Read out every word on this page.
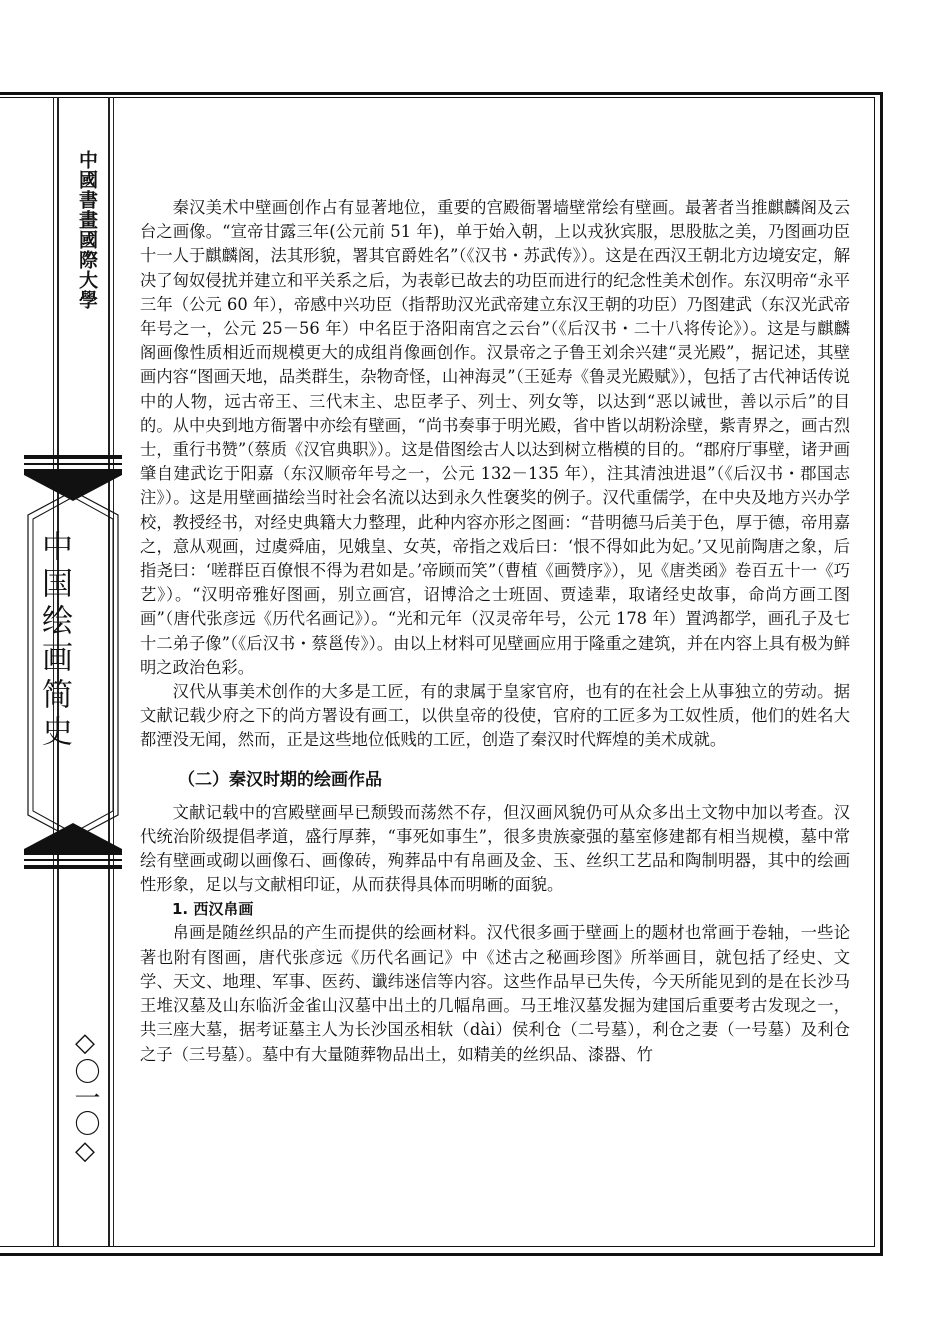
中國書畫國際大學
中国绘画简史
◇〇一〇◇

秦汉美术中壁画创作占有显著地位，重要的宫殿衙署墙壁常绘有壁画。最著者当推麒麟阁及云台之画像。“宣帝甘露三年(公元前 51 年)，单于始入朝，上以戎狄宾服，思股肱之美，乃图画功臣十一人于麒麟阁，法其形貌，署其官爵姓名”（《汉书・苏武传》）。这是在西汉王朝北方边境安定，解决了匈奴侵扰并建立和平关系之后，为表彰已故去的功臣而进行的纪念性美术创作。东汉明帝“永平三年（公元 60 年），帝感中兴功臣（指帮助汉光武帝建立东汉王朝的功臣）乃图建武（东汉光武帝年号之一，公元 25－56 年）中名臣于洛阳南宫之云台”（《后汉书・二十八将传论》）。这是与麒麟阁画像性质相近而规模更大的成组肖像画创作。汉景帝之子鲁王刘余兴建“灵光殿”，据记述，其壁画内容“图画天地，品类群生，杂物奇怪，山神海灵”（王延寿《鲁灵光殿赋》），包括了古代神话传说中的人物，远古帝王、三代末主、忠臣孝子、列士、列女等，以达到“恶以诫世，善以示后”的目的。从中央到地方衙署中亦绘有壁画，“尚书奏事于明光殿，省中皆以胡粉涂壁，紫青界之，画古烈士，重行书赞”（蔡质《汉官典职》）。这是借图绘古人以达到树立楷模的目的。“郡府厅事壁，诸尹画肇自建武讫于阳嘉（东汉顺帝年号之一，公元 132－135 年），注其清浊进退”（《后汉书・郡国志注》）。这是用壁画描绘当时社会名流以达到永久性褒奖的例子。汉代重儒学，在中央及地方兴办学校，教授经书，对经史典籍大力整理，此种内容亦形之图画：“昔明德马后美于色，厚于德，帝用嘉之，意从观画，过虞舜庙，见娥皇、女英，帝指之戏后曰：‘恨不得如此为妃。’又见前陶唐之象，后指尧曰：‘嗟群臣百僚恨不得为君如是。’帝顾而笑”（曹植《画赞序》），见《唐类函》卷百五十一《巧艺》）。“汉明帝雅好图画，别立画宫，诏博洽之士班固、贾逵辈，取诸经史故事，命尚方画工图画”（唐代张彦远《历代名画记》）。“光和元年（汉灵帝年号，公元 178 年）置鸿都学，画孔子及七十二弟子像”（《后汉书・蔡邕传》）。由以上材料可见壁画应用于隆重之建筑，并在内容上具有极为鲜明之政治色彩。

汉代从事美术创作的大多是工匠，有的隶属于皇家官府，也有的在社会上从事独立的劳动。据文献记载少府之下的尚方署设有画工，以供皇帝的役使，官府的工匠多为工奴性质，他们的姓名大都湮没无闻，然而，正是这些地位低贱的工匠，创造了秦汉时代辉煌的美术成就。

（二）秦汉时期的绘画作品

文献记载中的宫殿壁画早已颓毁而荡然不存，但汉画风貌仍可从众多出土文物中加以考查。汉代统治阶级提倡孝道，盛行厚葬，“事死如事生”，很多贵族豪强的墓室修建都有相当规模，墓中常绘有壁画或砌以画像石、画像砖，殉葬品中有帛画及金、玉、丝织工艺品和陶制明器，其中的绘画性形象，足以与文献相印证，从而获得具体而明晰的面貌。

1. 西汉帛画

帛画是随丝织品的产生而提供的绘画材料。汉代很多画于壁画上的题材也常画于卷轴，一些论著也附有图画，唐代张彦远《历代名画记》中《述古之秘画珍图》所举画目，就包括了经史、文学、天文、地理、军事、医药、谶纬迷信等内容。这些作品早已失传，今天所能见到的是在长沙马王堆汉墓及山东临沂金雀山汉墓中出土的几幅帛画。马王堆汉墓发掘为建国后重要考古发现之一，共三座大墓，据考证墓主人为长沙国丞相轪（dài）侯利仓（二号墓），利仓之妻（一号墓）及利仓之子（三号墓）。墓中有大量随葬物品出土，如精美的丝织品、漆器、竹
